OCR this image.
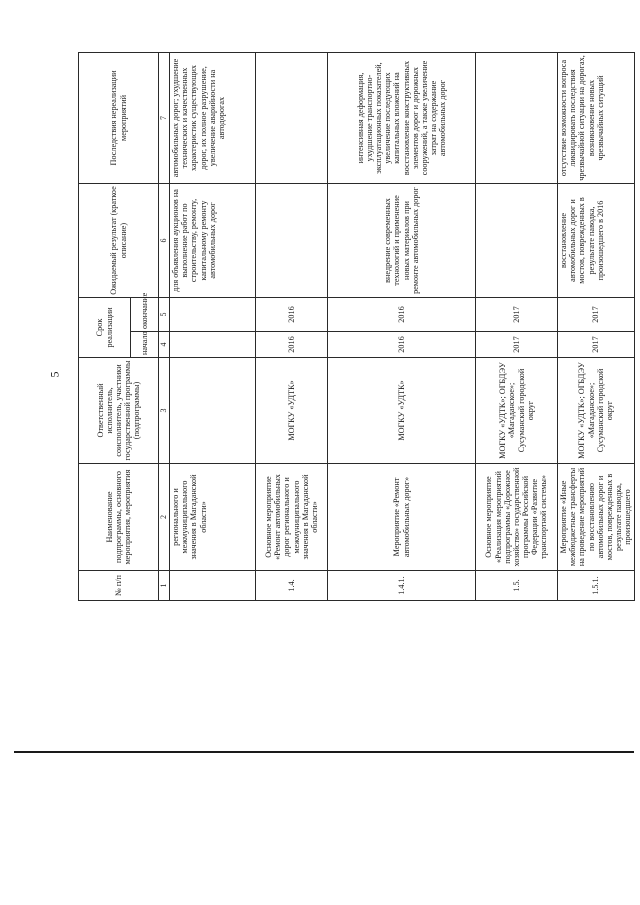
5
№ п/п	Наименование подпрограммы, основного мероприятия, мероприятия	Ответственный исполнитель, соисполнитель, участники государственной программы (подпрограммы)	Срок реализации		Ожидаемый результат (краткое описание)	Последствия нереализации мероприятий
			начало	окончание		
1	2	3	4	5	6	7
	регионального и межмуниципального значения в Магаданской области»				для объявления аукционов на выполнение работ по строительству, ремонту, капитальному ремонту автомобильных дорог	автомобильных дорог; ухудшение технических и качественных характеристик существующих дорог, их полное разрушение, увеличение аварийности на автодорогах
1.4.	Основное мероприятие «Ремонт автомобильных дорог регионального и межмуниципального значения в Магаданской области»	МОГКУ «УДТК»	2016	2016		
1.4.1.	Мероприятие «Ремонт автомобильных дорог»	МОГКУ «УДТК»	2016	2016	внедрение современных технологий и применение новых материалов при ремонте автомобильных дорог	интенсивная деформация, ухудшение транспортно-эксплуатационных показателей, увеличение последующих капитальных вложений на восстановление конструктивных элементов дорог и дорожных сооружений, а также увеличение затрат на содержание автомобильных дорог
1.5.	Основное мероприятие «Реализация мероприятий подпрограммы «Дорожное хозяйство» государственной программы Российской Федерации «Развитие транспортной системы»	МОГКУ «УДТК»; ОГБДЭУ «Магаданское»; Сусуманский городской округ	2017	2017		
1.5.1.	Мероприятие «Иные межбюджетные трансферты на проведение мероприятий по восстановлению автомобильных дорог и мостов, поврежденных в результате паводка, произошедшего	МОГКУ «УДТК»; ОГБДЭУ «Магаданское»; Сусуманский городской округ	2017	2017	восстановление автомобильных дорог и мостов, поврежденных в результате паводка, произошедшего в 2016	отсутствие возможности вопроса ликвидировать последствия чрезвычайной ситуации на дорогах, возникновение новых чрезвычайных ситуаций
